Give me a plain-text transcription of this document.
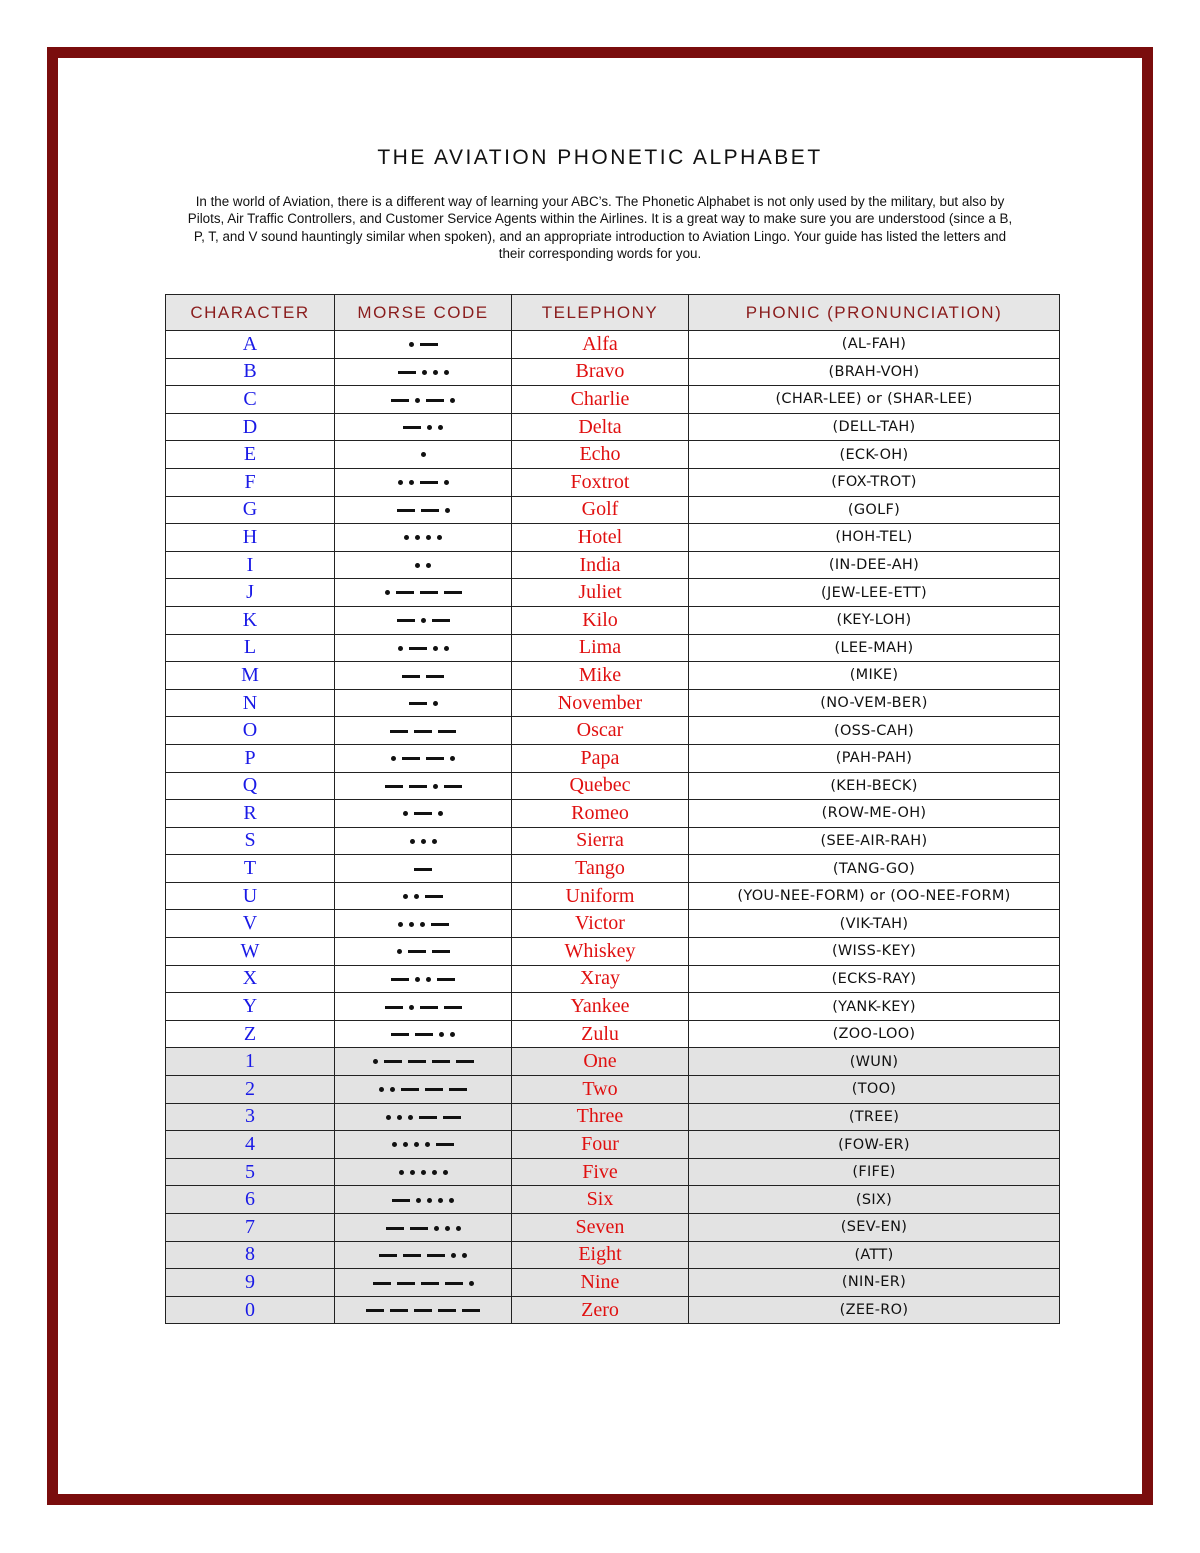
THE AVIATION PHONETIC ALPHABET

In the world of Aviation, there is a different way of learning your ABC’s. The Phonetic Alphabet is not only used by the military, but also by Pilots, Air Traffic Controllers, and Customer Service Agents within the Airlines. It is a great way to make sure you are understood (since a B, P, T, and V sound hauntingly similar when spoken), and an appropriate introduction to Aviation Lingo. Your guide has listed the letters and their corresponding words for you.

CHARACTER	MORSE CODE	TELEPHONY	PHONIC (PRONUNCIATION)
A		Alfa	(AL-FAH)
B		Bravo	(BRAH-VOH)
C		Charlie	(CHAR-LEE) or (SHAR-LEE)
D		Delta	(DELL-TAH)
E		Echo	(ECK-OH)
F		Foxtrot	(FOX-TROT)
G		Golf	(GOLF)
H		Hotel	(HOH-TEL)
I		India	(IN-DEE-AH)
J		Juliet	(JEW-LEE-ETT)
K		Kilo	(KEY-LOH)
L		Lima	(LEE-MAH)
M		Mike	(MIKE)
N		November	(NO-VEM-BER)
O		Oscar	(OSS-CAH)
P		Papa	(PAH-PAH)
Q		Quebec	(KEH-BECK)
R		Romeo	(ROW-ME-OH)
S		Sierra	(SEE-AIR-RAH)
T		Tango	(TANG-GO)
U		Uniform	(YOU-NEE-FORM) or (OO-NEE-FORM)
V		Victor	(VIK-TAH)
W		Whiskey	(WISS-KEY)
X		Xray	(ECKS-RAY)
Y		Yankee	(YANK-KEY)
Z		Zulu	(ZOO-LOO)
1		One	(WUN)
2		Two	(TOO)
3		Three	(TREE)
4		Four	(FOW-ER)
5		Five	(FIFE)
6		Six	(SIX)
7		Seven	(SEV-EN)
8		Eight	(ATT)
9		Nine	(NIN-ER)
0		Zero	(ZEE-RO)
